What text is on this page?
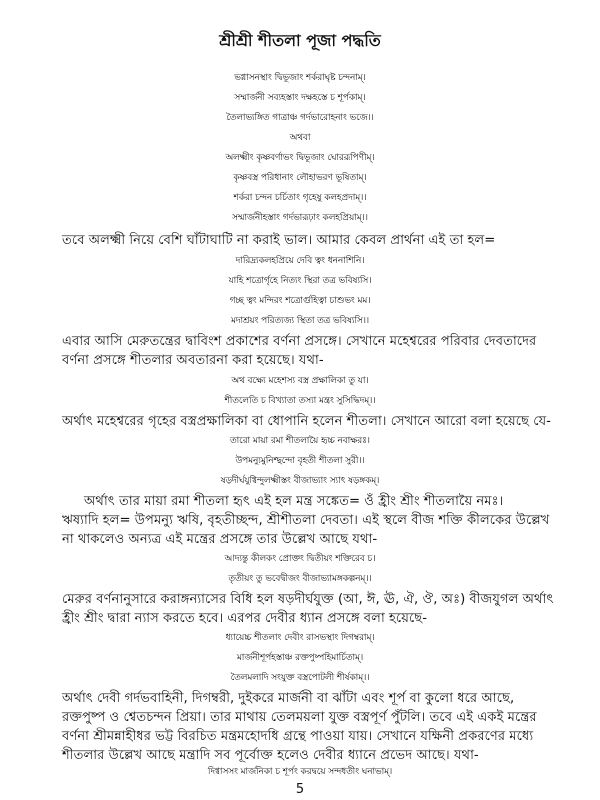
শ্রীশ্রী শীতলা পূজা পদ্ধতি
ভগ্নাসনস্থাং দ্বিভূজাং শর্করাঘৃষ্ট চন্দনাম্।
সম্মার্জনী সব্যহস্তাং দক্ষহস্তে চ শূর্পকাম্।
তৈলাভ্যঙ্গিত গাত্রাঞ্চ গর্দভারোহনাং ভজে।।
অথবা
অলক্ষ্মীং কৃষ্ণবর্ণাভং দ্বিভূজাং ঘোররূপিণীম্।
কৃষ্ণবস্ত্র পরিধানাং লৌহাভরণ ভূষিতাম্।
শর্করা চন্দন চর্চিতাং গৃহেষু কলহপ্রদাম্।।
সম্মার্জনীহস্তাং গর্দভারূঢ়াং কলহপ্রিয়াম্।।
তবে অলক্ষ্মী নিয়ে বেশি ঘাঁটাঘাটি না করাই ভাল। আমার কেবল প্রার্থনা এই তা হল=
দারিদ্র্যকলহপ্রিয়ে দেবি ত্বং ধননাশিনি।
যাহি শত্রোর্গৃহে নিত্যং স্থিরা তত্র ভবিষ্যসি।
গচ্ছ ত্বং মন্দিরং শত্রোর্গুহিত্বা চাশুভং মম।
মদাশ্রয়ং পরিত্যজ্য স্থিতা তত্র ভবিষ্যসি।।
এবার আসি মেরুতন্ত্রের দ্বাবিংশ প্রকাশের বর্ণনা প্রসঙ্গে। সেখানে মহেশ্বরের পরিবার দেবতাদের
বর্ণনা প্রসঙ্গে শীতলার অবতারনা করা হয়েছে। যথা-
অথ বক্ষ্যে মহেশস্য বস্ত্র প্রক্ষালিকা তু যা।
শীতলেতি চ বিখ্যাতা তস্যা মন্ত্রং সুসিদ্ধিদম্।।
অর্থাৎ মহেশ্বরের গৃহের বস্ত্রপ্রক্ষালিকা বা ধোপানি হলেন শীতলা। সেখানে আরো বলা হয়েছে যে-
তারো মায়া রমা শীতলায়ৈ হৃচ্চ নবাক্ষরঃ।
উপমন্যুমুনিশ্ছন্দো বৃহতী শীতলা সুরী।।
ষড়দীর্ঘযুগ্বিন্দুলক্ষ্মীস্তং বীজাভ্যাং স্যাৎ ষড়ঙ্গকম্।
অর্থাৎ তার মায়া রমা শীতলা হৃৎ এই হল মন্ত্র সঙ্কেত= ওঁ হ্রীং শ্রীং শীতলায়ৈ নমঃ।
ঋষ্যাদি হল= উপমন্যু ঋষি, বৃহতীচ্ছন্দ, শ্রীশীতলা দেবতা। এই স্থলে বীজ শক্তি কীলকের উল্লেখ
না থাকলেও অন্যত্র এই মন্ত্রের প্রসঙ্গে তার উল্লেখ আছে যথা-
আদ্যন্তু কীলকং প্রোক্তং দ্বিতীয়ং শক্তিরেব চ।
তৃতীয়ং তু ভবেদ্বীজং বীজাভ্যামঙ্গকল্পনম্।।
মেরুর বর্ণনানুসারে করাঙ্গন্যাসের বিধি হল ষড়দীর্ঘযুক্ত (আ, ঈ, ঊ, ঐ, ঔ, অঃ) বীজযুগল অর্থাৎ
হ্রীং শ্রীং দ্বারা ন্যাস করতে হবে। এরপর দেবীর ধ্যান প্রসঙ্গে বলা হয়েছে-
ধ্যায়েচ্চ শীতলাং দেবীং রাসভস্থাং দিগম্বরাম্।
মার্জনীশূর্পহস্তাঞ্চ রক্তপুষ্পহিমার্চিতাম্।
তৈলমলাদি সংযুক্ত বস্ত্রপোটলী শীর্ষকাম্।।
অর্থাৎ দেবী গর্দভবাহিনী, দিগম্বরী, দুইকরে মার্জনী বা ঝাঁটা এবং শূর্প বা কুলো ধরে আছে,
রক্তপুষ্প ও শ্বেতচন্দন প্রিয়া। তার মাথায় তেলময়লা যুক্ত বস্ত্রপূর্ণ পুঁটলি। তবে এই একই মন্ত্রের
বর্ণনা শ্রীমন্নাহীধর ভট্ট বিরচিত মন্ত্রমহোদধি গ্রন্থে পাওয়া যায়। সেখানে যক্ষিনী প্রকরণের মধ্যে
শীতলার উল্লেখ আছে মন্ত্রাদি সব পূর্বোক্ত হলেও দেবীর ধ্যানে প্রভেদ আছে। যথা-
দিগ্বাসসং মার্জনিকা চ শূর্পং করদ্বয়ে সন্দধতীং ঘনাভাম্।
5
